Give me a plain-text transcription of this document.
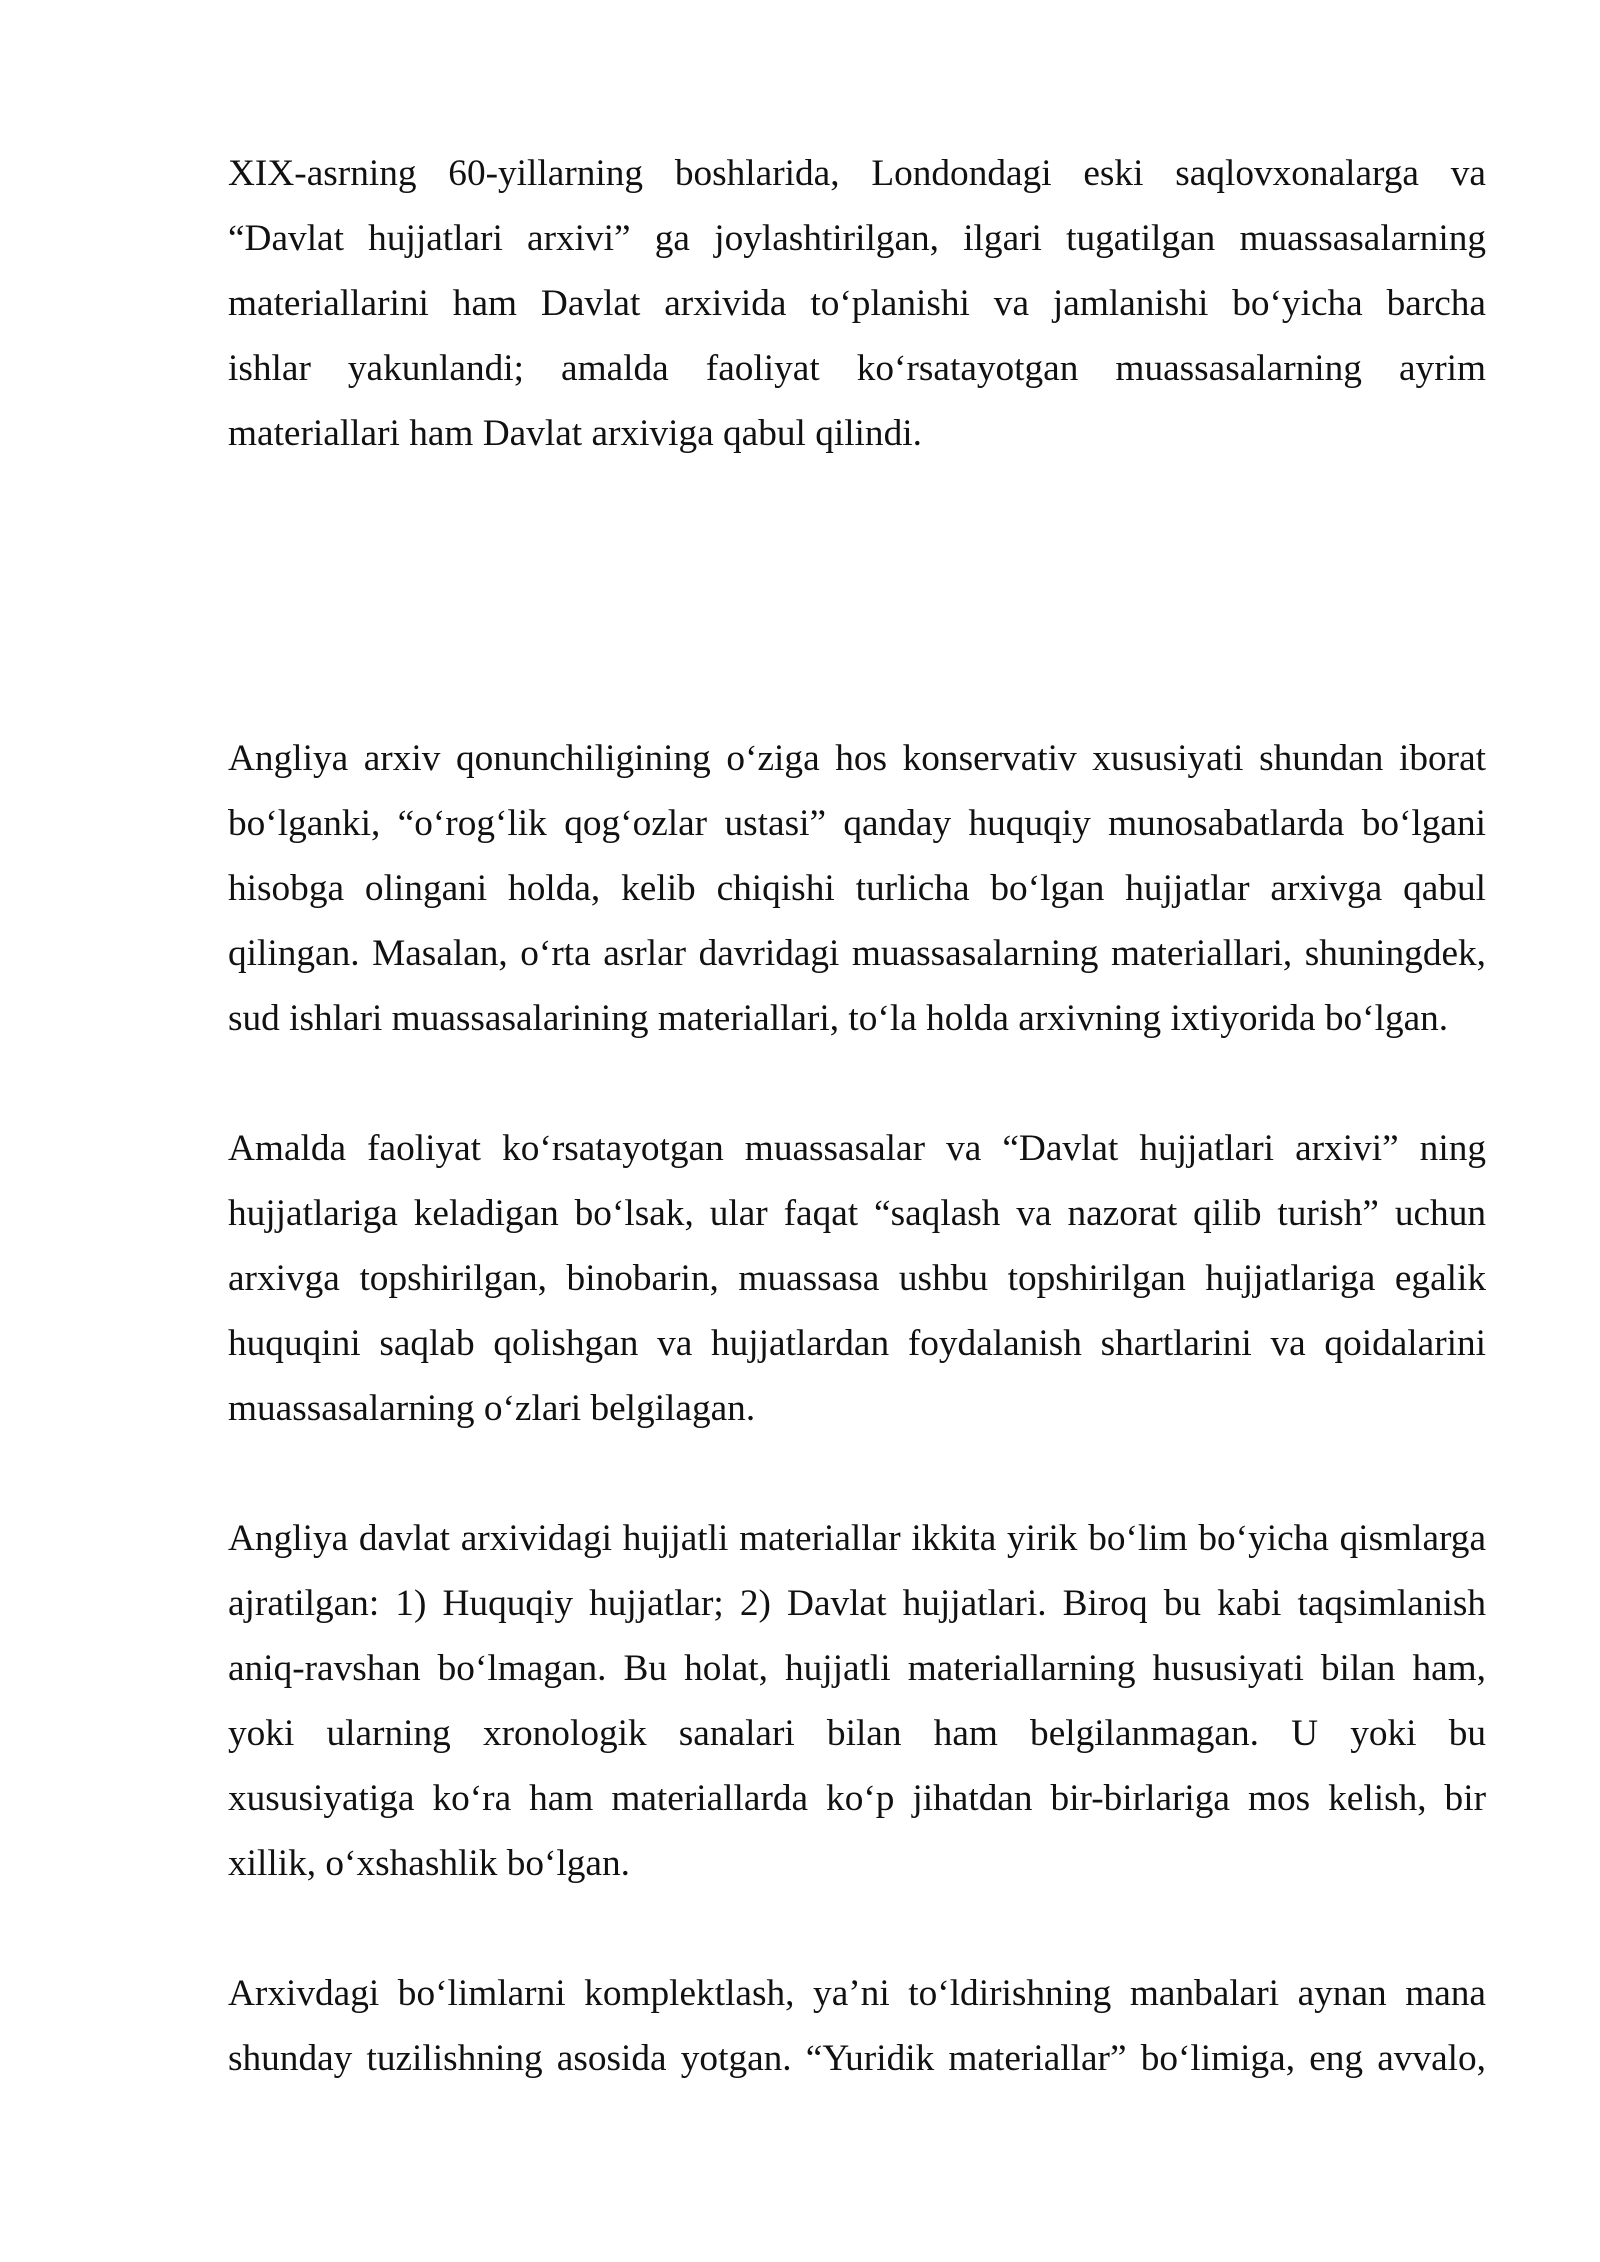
XIX-asrning 60-yillarning boshlarida, Londondagi eski saqlovxonalarga va
“Davlat hujjatlari arxivi” ga joylashtirilgan, ilgari tugatilgan muassasalarning
materiallarini ham Davlat arxivida to‘planishi va jamlanishi bo‘yicha barcha
ishlar yakunlandi; amalda faoliyat ko‘rsatayotgan muassasalarning ayrim
materiallari ham Davlat arxiviga qabul qilindi.
Angliya arxiv qonunchiligining o‘ziga hos konservativ xususiyati shundan iborat
bo‘lganki, “o‘rog‘lik qog‘ozlar ustasi” qanday huquqiy munosabatlarda bo‘lgani
hisobga olingani holda, kelib chiqishi turlicha bo‘lgan hujjatlar arxivga qabul
qilingan. Masalan, o‘rta asrlar davridagi muassasalarning materiallari, shuningdek,
sud ishlari muassasalarining materiallari, to‘la holda arxivning ixtiyorida bo‘lgan.
Amalda faoliyat ko‘rsatayotgan muassasalar va “Davlat hujjatlari arxivi” ning
hujjatlariga keladigan bo‘lsak, ular faqat “saqlash va nazorat qilib turish” uchun
arxivga topshirilgan, binobarin, muassasa ushbu topshirilgan hujjatlariga egalik
huquqini saqlab qolishgan va hujjatlardan foydalanish shartlarini va qoidalarini
muassasalarning o‘zlari belgilagan.
Angliya davlat arxividagi hujjatli materiallar ikkita yirik bo‘lim bo‘yicha qismlarga
ajratilgan: 1) Huquqiy hujjatlar; 2) Davlat hujjatlari. Biroq bu kabi taqsimlanish
aniq-ravshan bo‘lmagan. Bu holat, hujjatli materiallarning hususiyati bilan ham,
yoki ularning xronologik sanalari bilan ham belgilanmagan. U yoki bu
xususiyatiga ko‘ra ham materiallarda ko‘p jihatdan bir-birlariga mos kelish, bir
xillik, o‘xshashlik bo‘lgan.
Arxivdagi bo‘limlarni komplektlash, ya’ni to‘ldirishning manbalari aynan mana
shunday tuzilishning asosida yotgan. “Yuridik materiallar” bo‘limiga, eng avvalo,
